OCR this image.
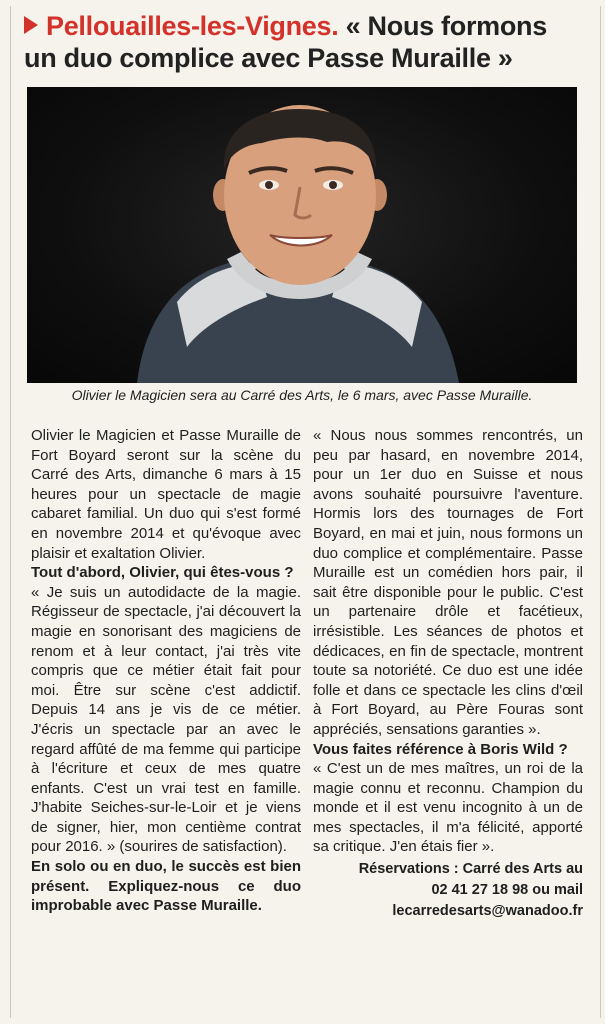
Pellouailles-les-Vignes. « Nous formons un duo complice avec Passe Muraille »
Olivier le Magicien sera au Carré des Arts, le 6 mars, avec Passe Muraille.

Olivier le Magicien et Passe Muraille de Fort Boyard seront sur la scène du Carré des Arts, dimanche 6 mars à 15 heures pour un spectacle de magie cabaret familial. Un duo qui s'est formé en novembre 2014 et qu'évoque avec plaisir et exaltation Olivier.

Tout d'abord, Olivier, qui êtes-vous ?

« Je suis un autodidacte de la magie. Régisseur de spectacle, j'ai découvert la magie en sonorisant des magiciens de renom et à leur contact, j'ai très vite compris que ce métier était fait pour moi. Être sur scène c'est addictif. Depuis 14 ans je vis de ce métier. J'écris un spectacle par an avec le regard affûté de ma femme qui participe à l'écriture et ceux de mes quatre enfants. C'est un vrai test en famille. J'habite Seiches-sur-le-Loir et je viens de signer, hier, mon centième contrat pour 2016. » (sourires de satisfaction).

En solo ou en duo, le succès est bien présent. Expliquez-nous ce duo improbable avec Passe Muraille.

« Nous nous sommes rencontrés, un peu par hasard, en novembre 2014, pour un 1er duo en Suisse et nous avons souhaité poursuivre l'aventure. Hormis lors des tournages de Fort Boyard, en mai et juin, nous formons un duo complice et complémentaire. Passe Muraille est un comédien hors pair, il sait être disponible pour le public. C'est un partenaire drôle et facétieux, irrésistible. Les séances de photos et dédicaces, en fin de spectacle, montrent toute sa notoriété. Ce duo est une idée folle et dans ce spectacle les clins d'œil à Fort Boyard, au Père Fouras sont appréciés, sensations garanties ».

Vous faites référence à Boris Wild ?

« C'est un de mes maîtres, un roi de la magie connu et reconnu. Champion du monde et il est venu incognito à un de mes spectacles, il m'a félicité, apporté sa critique. J'en étais fier ».

Réservations : Carré des Arts au
02 41 27 18 98 ou mail
lecarredesarts@wanadoo.fr
